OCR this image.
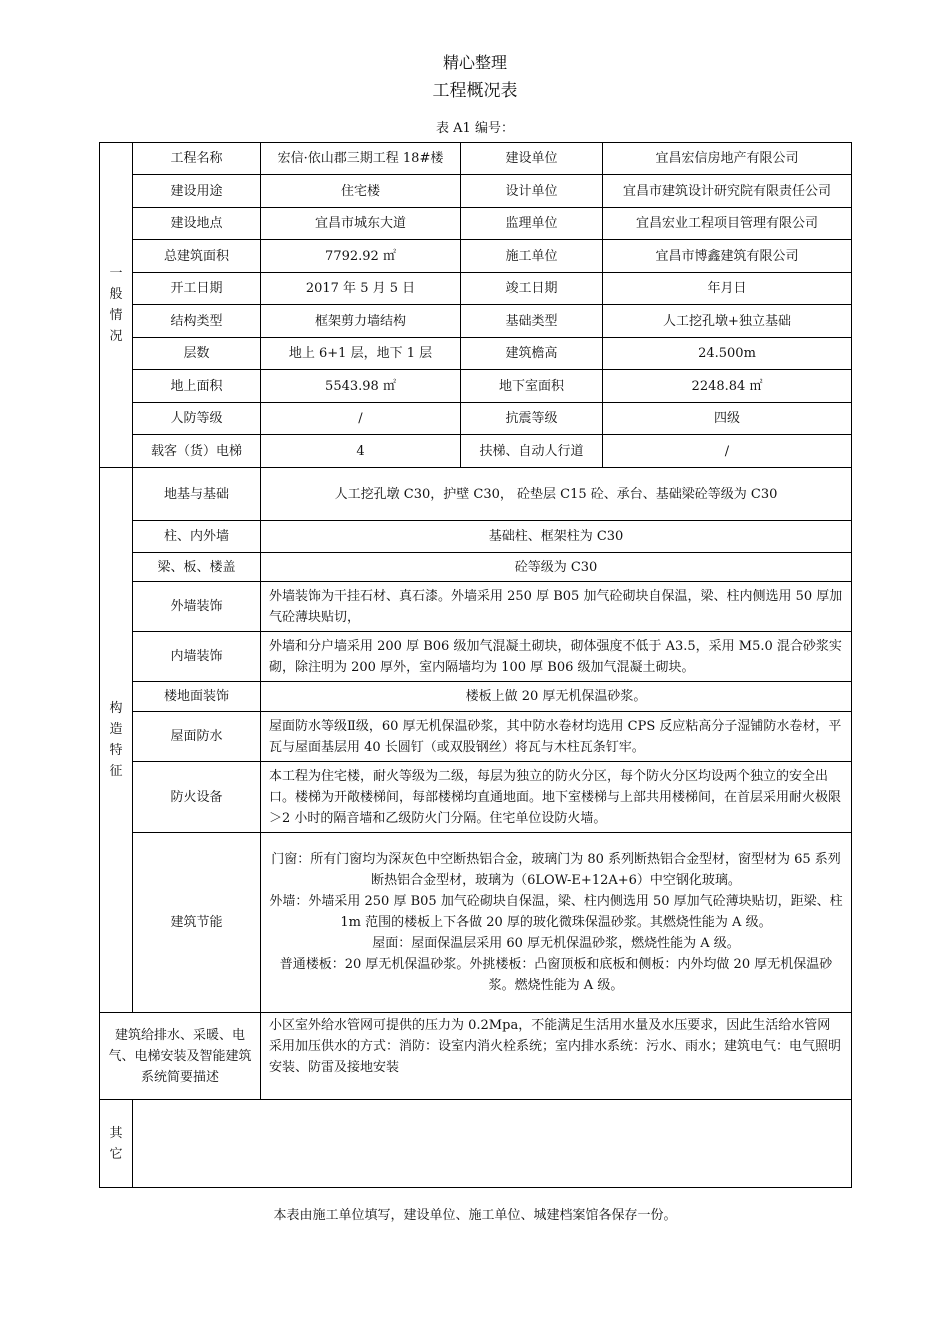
精心整理
工程概况表
表 A1 编号：
一般情况	工程名称	宏信·依山郡三期工程 18#楼	建设单位	宜昌宏信房地产有限公司
	建设用途	住宅楼	设计单位	宜昌市建筑设计研究院有限责任公司
	建设地点	宜昌市城东大道	监理单位	宜昌宏业工程项目管理有限公司
	总建筑面积	7792.92 ㎡	施工单位	宜昌市博鑫建筑有限公司
	开工日期	2017 年 5 月 5 日	竣工日期	年月日
	结构类型	框架剪力墙结构	基础类型	人工挖孔墩+独立基础
	层数	地上 6+1 层，地下 1 层	建筑檐高	24.500m
	地上面积	5543.98 ㎡	地下室面积	2248.84 ㎡
	人防等级	/	抗震等级	四级
	载客（货）电梯	4	扶梯、自动人行道	/
构造特征	地基与基础	人工挖孔墩 C30，护壁 C30， 砼垫层 C15 砼、承台、基础梁砼等级为 C30		
	柱、内外墙	基础柱、框架柱为 C30		
	梁、板、楼盖	砼等级为 C30		
	外墙装饰	外墙装饰为干挂石材、真石漆。外墙采用 250 厚 B05 加气砼砌块自保温，梁、柱内侧选用 50 厚加气砼薄块贴切，		
	内墙装饰	外墙和分户墙采用 200 厚 B06 级加气混凝土砌块，砌体强度不低于 A3.5，采用 M5.0 混合砂浆实砌，除注明为 200 厚外，室内隔墙均为 100 厚 B06 级加气混凝土砌块。		
	楼地面装饰	楼板上做 20 厚无机保温砂浆。		
	屋面防水	屋面防水等级Ⅱ级，60 厚无机保温砂浆，其中防水卷材均选用 CPS 反应粘高分子湿铺防水卷材，平瓦与屋面基层用 40 长圆钉（或双股钢丝）将瓦与木柱瓦条钉牢。		
	防火设备	本工程为住宅楼，耐火等级为二级，每层为独立的防火分区，每个防火分区均设两个独立的安全出口。楼梯为开敞楼梯间，每部楼梯均直通地面。地下室楼梯与上部共用楼梯间，在首层采用耐火极限＞2 小时的隔音墙和乙级防火门分隔。住宅单位设防火墙。		
	建筑节能	门窗：所有门窗均为深灰色中空断热铝合金，玻璃门为 80 系列断热铝合金型材，窗型材为 65 系列断热铝合金型材，玻璃为（6LOW-E+12A+6）中空钢化玻璃。
外墙：外墙采用 250 厚 B05 加气砼砌块自保温，梁、柱内侧选用 50 厚加气砼薄块贴切，距梁、柱 1m 范围的楼板上下各做 20 厚的玻化微珠保温砂浆。其燃烧性能为 A 级。
屋面：屋面保温层采用 60 厚无机保温砂浆，燃烧性能为 A 级。
普通楼板：20 厚无机保温砂浆。外挑楼板：凸窗顶板和底板和侧板：内外均做 20 厚无机保温砂浆。燃烧性能为 A 级。		

建筑给排水、采暖、电气、电梯安装及智能建筑系统简要描述		小区室外给水管网可提供的压力为 0.2Mpa，不能满足生活用水量及水压要求，因此生活给水管网采用加压供水的方式：消防：设室内消火栓系统；室内排水系统：污水、雨水；建筑电气：电气照明安装、防雷及接地安装		
其它				
本表由施工单位填写，建设单位、施工单位、城建档案馆各保存一份。
